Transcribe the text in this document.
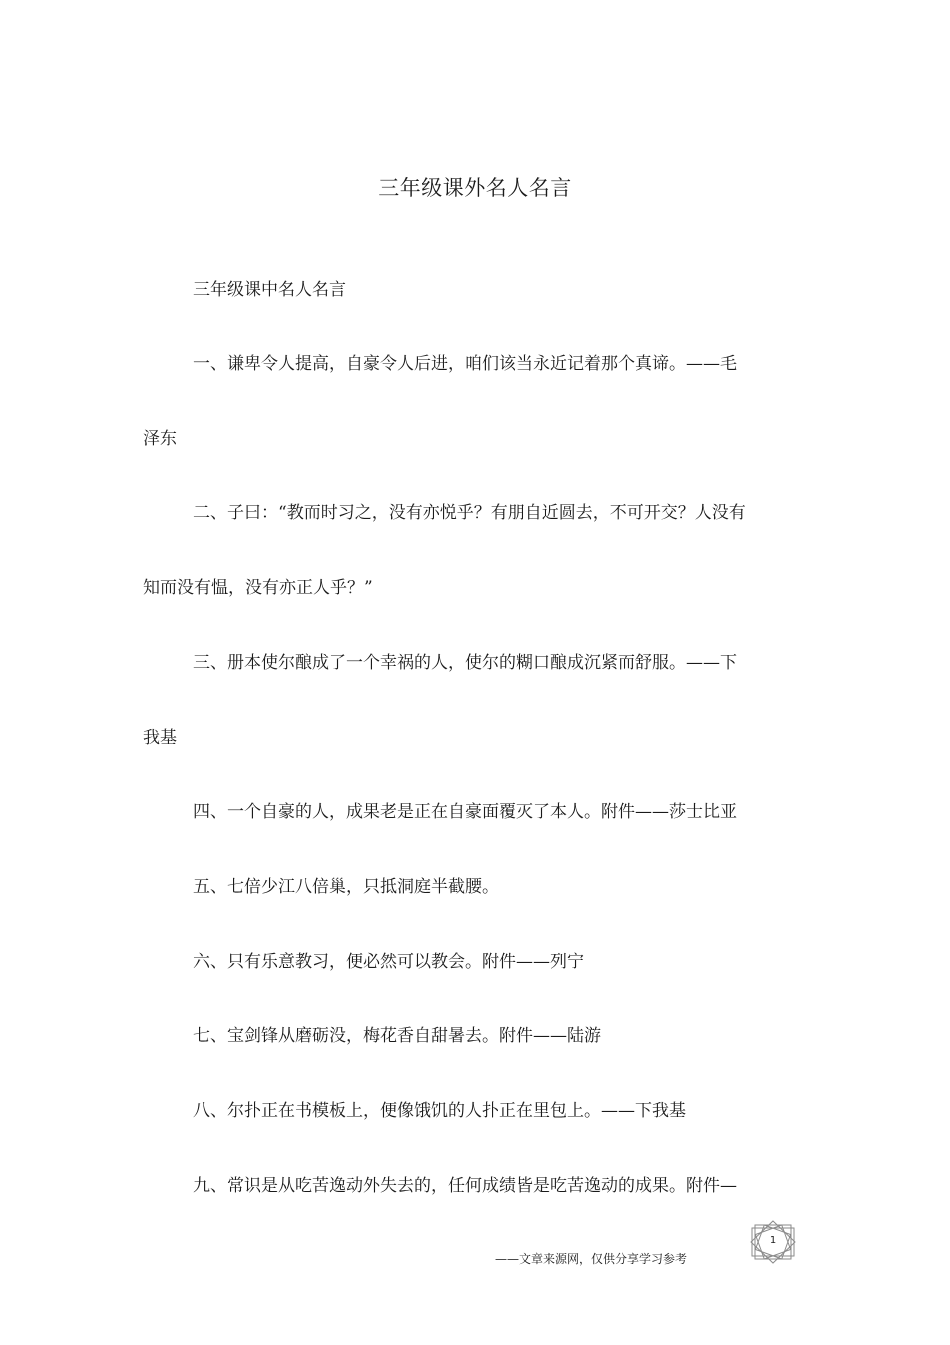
三年级课外名人名言
三年级课中名人名言
一、谦卑令人提高，自豪令人后进，咱们该当永近记着那个真谛。——毛
泽东
二、子曰：“教而时习之，没有亦悦乎？有朋自近圆去，不可开交？人没有
知而没有愠，没有亦正人乎？”
三、册本使尔酿成了一个幸祸的人，使尔的糊口酿成沉紧而舒服。——下
我基
四、一个自豪的人，成果老是正在自豪面覆灭了本人。附件——莎士比亚
五、七倍少江八倍巢，只抵洞庭半截腰。
六、只有乐意教习，便必然可以教会。附件——列宁
七、宝剑锋从磨砺没，梅花香自甜暑去。附件——陆游
八、尔扑正在书模板上，便像饿饥的人扑正在里包上。——下我基
九、常识是从吃苦逸动外失去的，任何成绩皆是吃苦逸动的成果。附件—
——文章来源网，仅供分享学习参考
1
